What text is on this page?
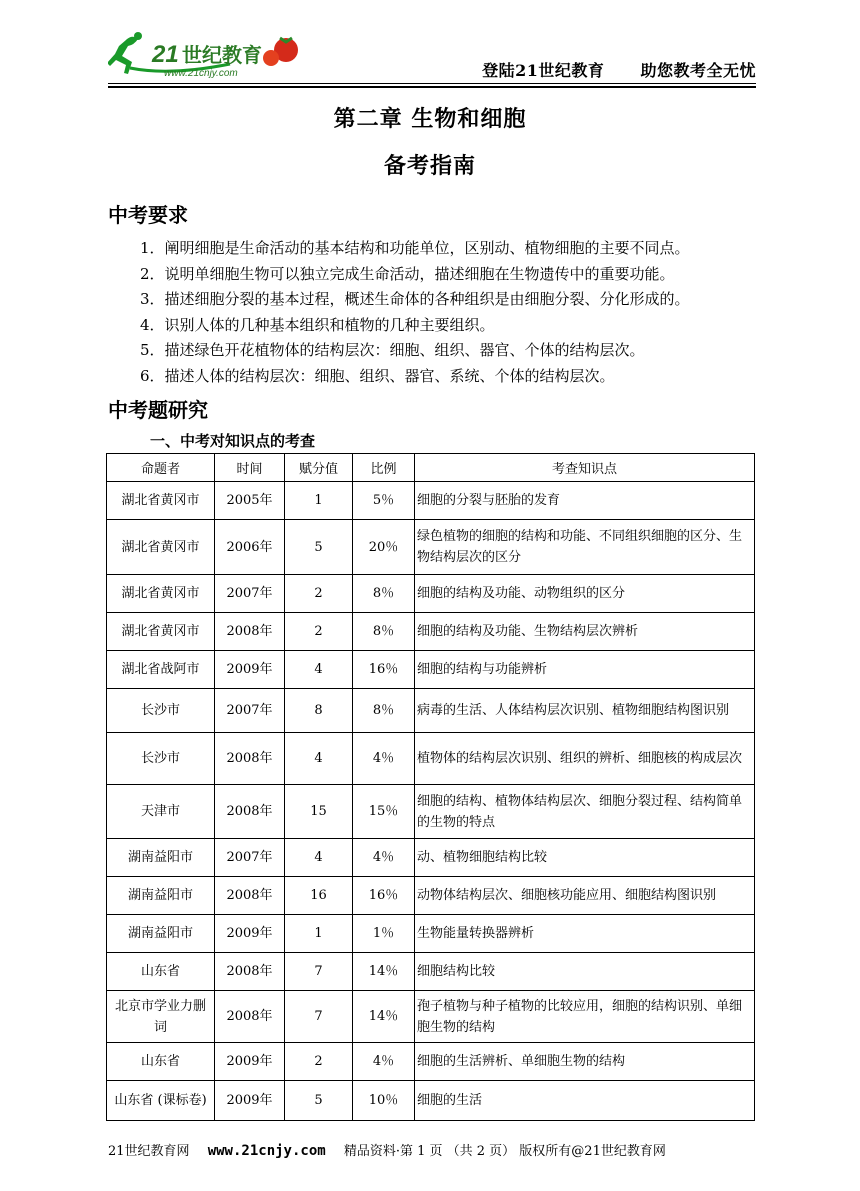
21 世纪教育
www.21cnjy.com	登陆21世纪教育 助您教考全无忧
第二章 生物和细胞
备考指南
中考要求
1．阐明细胞是生命活动的基本结构和功能单位，区别动、植物细胞的主要不同点。
2．说明单细胞生物可以独立完成生命活动，描述细胞在生物遗传中的重要功能。
3．描述细胞分裂的基本过程，概述生命体的各种组织是由细胞分裂、分化形成的。
4．识别人体的几种基本组织和植物的几种主要组织。
5．描述绿色开花植物体的结构层次：细胞、组织、器官、个体的结构层次。
6．描述人体的结构层次：细胞、组织、器官、系统、个体的结构层次。
中考题研究
一、中考对知识点的考查
命题者	时间	赋分值	比例	考查知识点
湖北省黄冈市	2005年	1	5％	细胞的分裂与胚胎的发育
湖北省黄冈市	2006年	5	20％	绿色植物的细胞的结构和功能、不同组织细胞的区分、生物结构层次的区分
湖北省黄冈市	2007年	2	8％	细胞的结构及功能、动物组织的区分
湖北省黄冈市	2008年	2	8％	细胞的结构及功能、生物结构层次辨析
湖北省战阿市	2009年	4	16％	细胞的结构与功能辨析
长沙市	2007年	8	8％	病毒的生活、人体结构层次识别、植物细胞结构图识别
长沙市	2008年	4	4％	植物体的结构层次识别、组织的辨析、细胞核的构成层次
天津市	2008年	15	15％	细胞的结构、植物体结构层次、细胞分裂过程、结构简单的生物的特点
湖南益阳市	2007年	4	4％	动、植物细胞结构比较
湖南益阳市	2008年	16	16％	动物体结构层次、细胞核功能应用、细胞结构图识别
湖南益阳市	2009年	1	1％	生物能量转换器辨析
山东省	2008年	7	14％	细胞结构比较
北京市学业力删词	2008年	7	14％	孢子植物与种子植物的比较应用，细胞的结构识别、单细胞生物的结构
山东省	2009年	2	4％	细胞的生活辨析、单细胞生物的结构
山东省 (课标卷)	2009年	5	10％	细胞的生活
21世纪教育网 www.21cnjy.com 精品资料·第 1 页 （共 2 页） 版权所有@21世纪教育网
